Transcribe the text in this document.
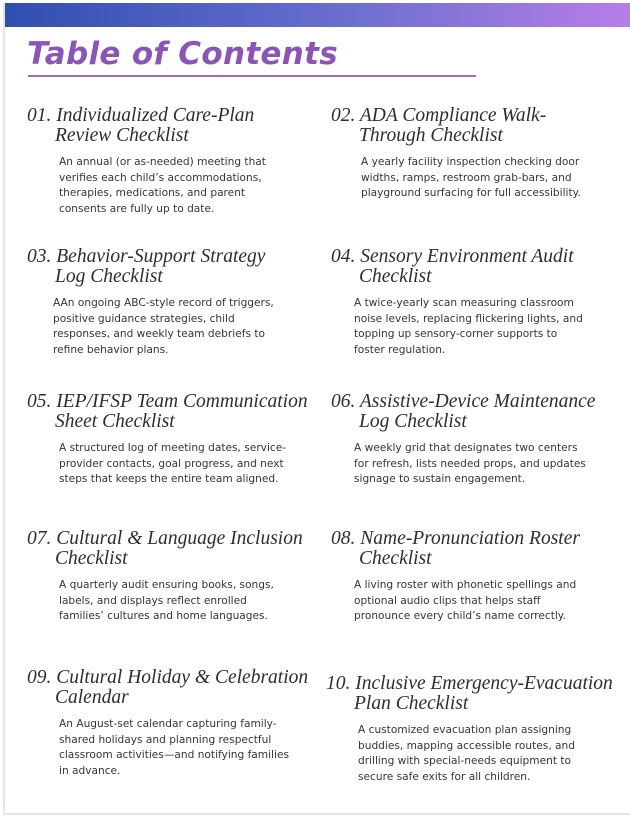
Table of Contents
01. Individualized Care-Plan Review Checklist
An annual (or as-needed) meeting that verifies each child’s accommodations, therapies, medications, and parent consents are fully up to date.
02. ADA Compliance Walk-Through Checklist
A yearly facility inspection checking door widths, ramps, restroom grab-bars, and playground surfacing for full accessibility.
03. Behavior-Support Strategy Log Checklist
AAn ongoing ABC-style record of triggers, positive guidance strategies, child responses, and weekly team debriefs to refine behavior plans.
04. Sensory Environment Audit Checklist
A twice-yearly scan measuring classroom noise levels, replacing flickering lights, and topping up sensory-corner supports to foster regulation.
05. IEP/IFSP Team Communication Sheet Checklist
A structured log of meeting dates, service-provider contacts, goal progress, and next steps that keeps the entire team aligned.
06. Assistive-Device Maintenance Log Checklist
A weekly grid that designates two centers for refresh, lists needed props, and updates signage to sustain engagement.
07. Cultural & Language Inclusion Checklist
A quarterly audit ensuring books, songs, labels, and displays reflect enrolled families’ cultures and home languages.
08. Name-Pronunciation Roster Checklist
A living roster with phonetic spellings and optional audio clips that helps staff pronounce every child’s name correctly.
09. Cultural Holiday & Celebration Calendar
An August-set calendar capturing family-shared holidays and planning respectful classroom activities—and notifying families in advance.
10. Inclusive Emergency-Evacuation Plan Checklist
A customized evacuation plan assigning buddies, mapping accessible routes, and drilling with special-needs equipment to secure safe exits for all children.
